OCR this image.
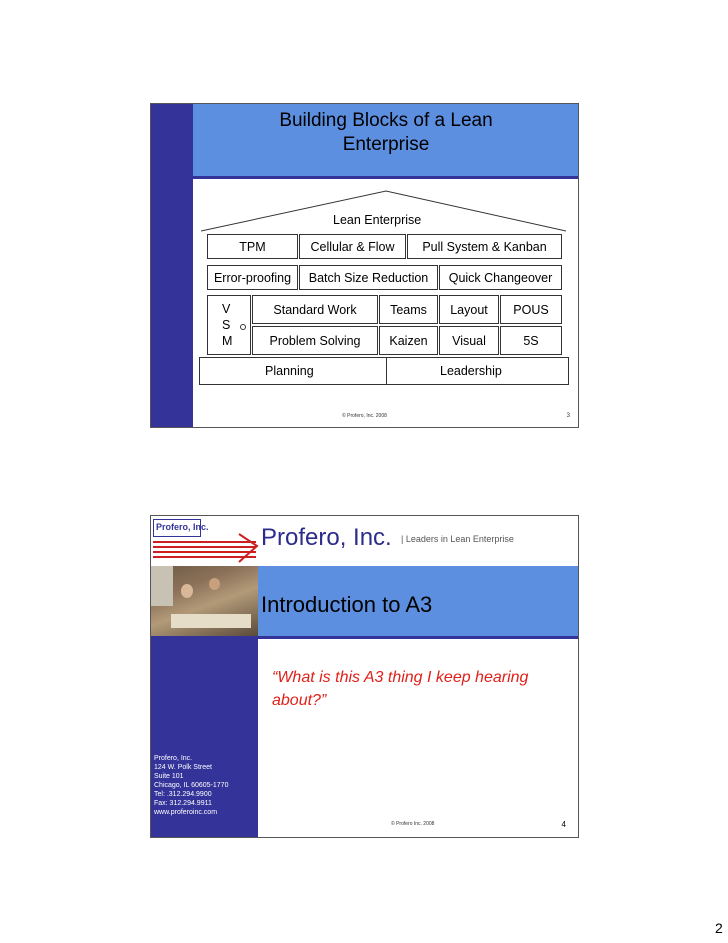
Building Blocks of a Lean Enterprise
Lean Enterprise
TPM	Cellular & Flow	Pull System & Kanban
Error-proofing	Batch Size Reduction	Quick Changeover
V
S
M
Standard Work	Teams	Layout	POUS
Problem Solving	Kaizen	Visual	5S
Planning	Leadership
© Profero, Inc. 2008	3
Profero, Inc. Profero, Inc. | Leaders in Lean Enterprise
Introduction to A3
“What is this A3 thing I keep hearing about?”
Profero, Inc.
124 W. Polk Street
Suite 101
Chicago, IL 60605-1770
Tel: .312.294.9900
Fax: 312.294.9911
www.proferoinc.com
© Profero Inc. 2008	4
2
